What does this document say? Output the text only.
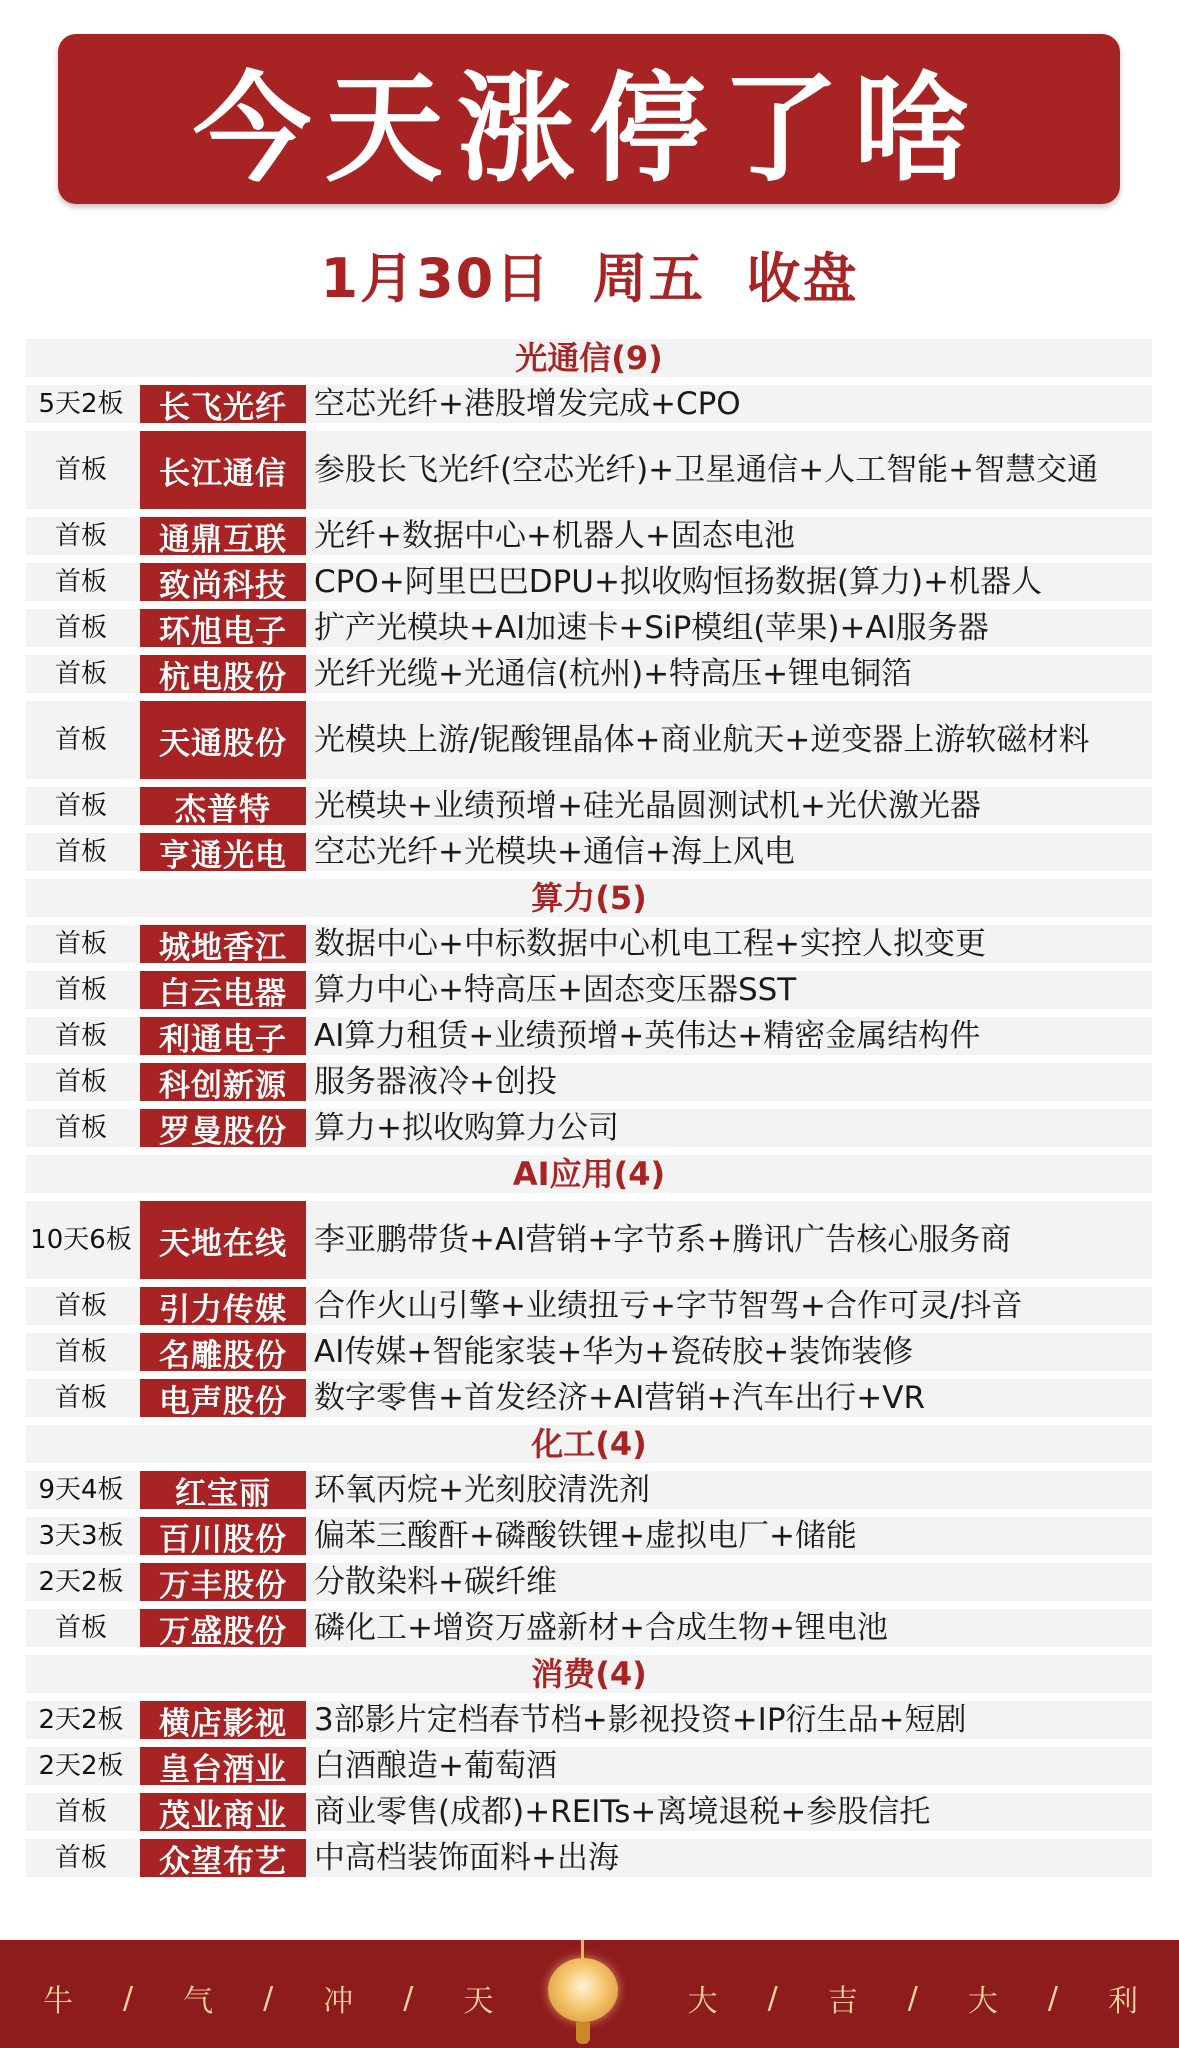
今天涨停了啥
1月30日  周五  收盘
光通信(9)
5天2板	长飞光纤 空芯光纤+港股增发完成+CPO
首板	长江通信 参股长飞光纤(空芯光纤)+卫星通信+人工智能+智慧交通
首板	通鼎互联 光纤+数据中心+机器人+固态电池
首板	致尚科技 CPO+阿里巴巴DPU+拟收购恒扬数据(算力)+机器人
首板	环旭电子 扩产光模块+AI加速卡+SiP模组(苹果)+AI服务器
首板	杭电股份 光纤光缆+光通信(杭州)+特高压+锂电铜箔
首板	天通股份 光模块上游/铌酸锂晶体+商业航天+逆变器上游软磁材料
首板	杰普特	光模块+业绩预增+硅光晶圆测试机+光伏激光器
首板	亨通光电 空芯光纤+光模块+通信+海上风电
算力(5)
首板	城地香江 数据中心+中标数据中心机电工程+实控人拟变更
首板	白云电器 算力中心+特高压+固态变压器SST
首板	利通电子 AI算力租赁+业绩预增+英伟达+精密金属结构件
首板	科创新源 服务器液冷+创投
首板	罗曼股份 算力+拟收购算力公司
AI应用(4)
10天6板 天地在线 李亚鹏带货+AI营销+字节系+腾讯广告核心服务商
首板	引力传媒 合作火山引擎+业绩扭亏+字节智驾+合作可灵/抖音
首板	名雕股份 AI传媒+智能家装+华为+瓷砖胶+装饰装修
首板	电声股份 数字零售+首发经济+AI营销+汽车出行+VR
化工(4)
9天4板	红宝丽	环氧丙烷+光刻胶清洗剂
3天3板	百川股份 偏苯三酸酐+磷酸铁锂+虚拟电厂+储能
2天2板	万丰股份 分散染料+碳纤维
首板	万盛股份 磷化工+增资万盛新材+合成生物+锂电池
消费(4)
2天2板	横店影视 3部影片定档春节档+影视投资+IP衍生品+短剧
2天2板	皇台酒业 白酒酿造+葡萄酒
首板	茂业商业 商业零售(成都)+REITs+离境退税+参股信托
首板	众望布艺 中高档装饰面料+出海
牛 / 气 / 冲 / 天	大 / 吉 / 大 / 利
